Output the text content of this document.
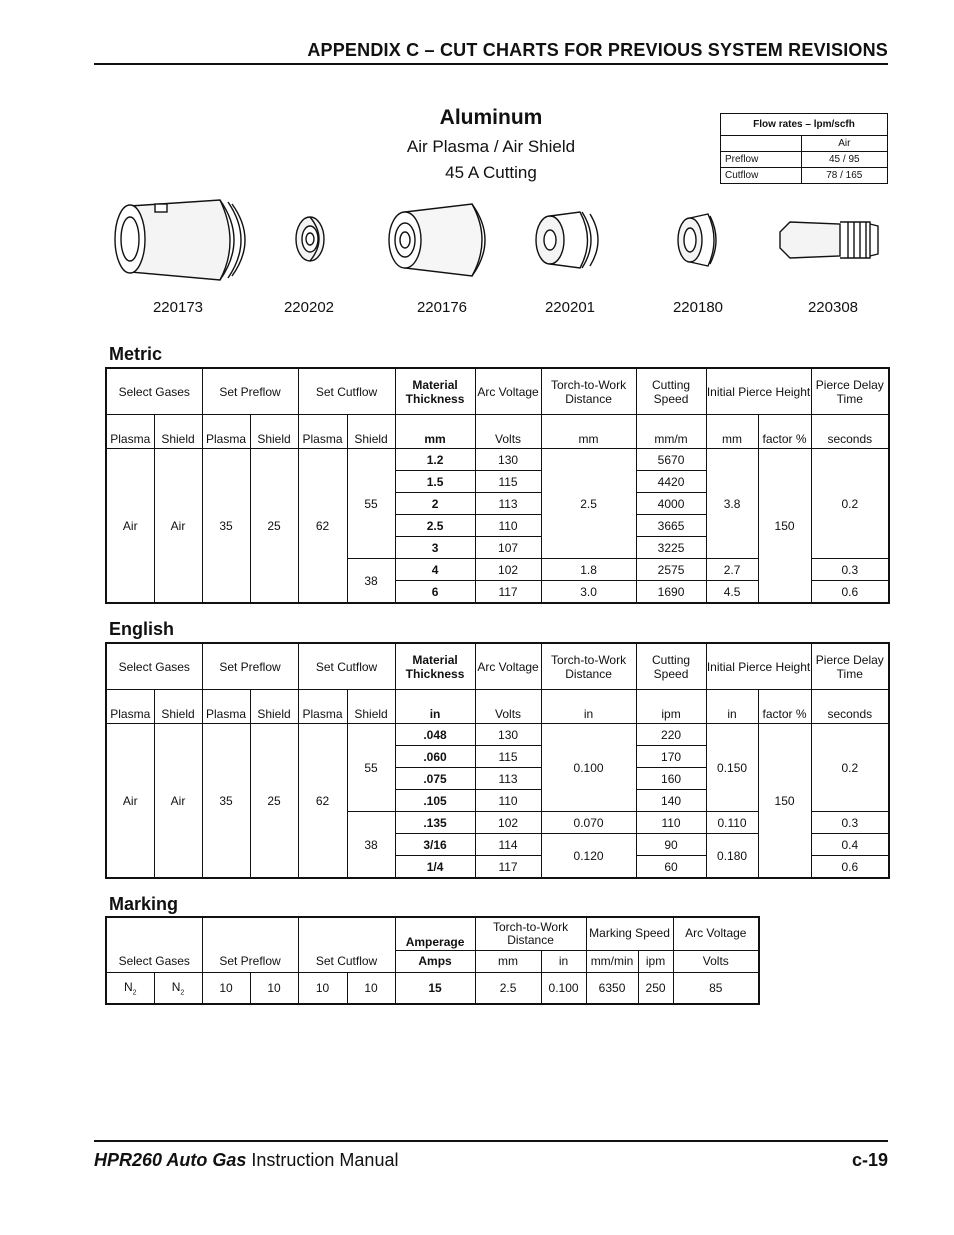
APPENDIX C – CUT CHARTS FOR PREVIOUS SYSTEM REVISIONS
Aluminum
Air Plasma / Air Shield
45 A Cutting
Flow rates – lpm/scfh	
	Air
Preflow	45 / 95
Cutflow	78 / 165
220173	220202	220176	220201	220180	220308
Metric
Select Gases		Set Preflow		Set Cutflow		Material Thickness	Arc Voltage	Torch-to-Work Distance	Cutting Speed	Initial Pierce Height		Pierce Delay Time
Plasma	Shield	Plasma	Shield	Plasma	Shield	mm	Volts	mm	mm/m	mm	factor %	seconds
Air	Air	35	25	62	55	1.2	130	2.5	5670	3.8	150	0.2
						1.5	115		4420			
						2	113		4000			
						2.5	110		3665			
						3	107		3225			
					38	4	102	1.8	2575	2.7		0.3
						6	117	3.0	1690	4.5		0.6
English
Select Gases		Set Preflow		Set Cutflow		Material Thickness	Arc Voltage	Torch-to-Work Distance	Cutting Speed	Initial Pierce Height		Pierce Delay Time
Plasma	Shield	Plasma	Shield	Plasma	Shield	in	Volts	in	ipm	in	factor %	seconds
Air	Air	35	25	62	55	.048	130	0.100	220	0.150	150	0.2
						.060	115		170			
						.075	113		160			
						.105	110		140			
					38	.135	102	0.070	110	0.110		0.3
						3/16	114	0.120	90	0.180		0.4
						1/4	117		60			0.6
Marking
Select Gases		Set Preflow		Set Cutflow		Amperage	Torch-to-Work Distance		Marking Speed		Arc Voltage
						Amps	mm	in	mm/min	ipm	Volts
$N_2$	$N_2$	10	10	10	10	15	2.5	0.100	6350	250	85
HPR260 Auto Gas Instruction Manual	c-19
